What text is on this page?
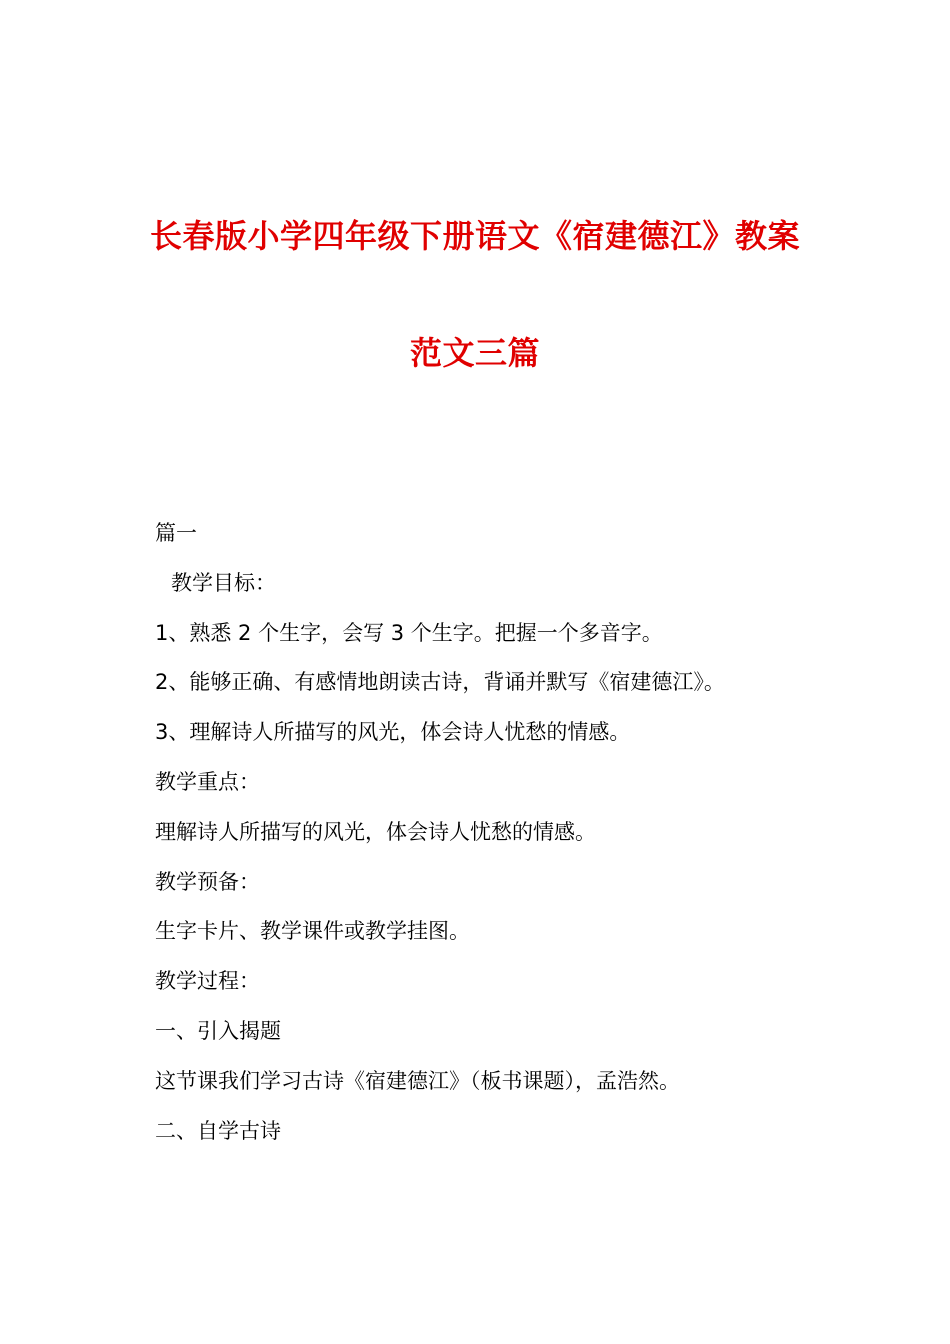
长春版小学四年级下册语文《宿建德江》教案
范文三篇
篇一
教学目标：
1、熟悉 2 个生字，会写 3 个生字。把握一个多音字。
2、能够正确、有感情地朗读古诗，背诵并默写《宿建德江》。
3、理解诗人所描写的风光，体会诗人忧愁的情感。
教学重点：
理解诗人所描写的风光，体会诗人忧愁的情感。
教学预备：
生字卡片、教学课件或教学挂图。
教学过程：
一、引入揭题
这节课我们学习古诗《宿建德江》（板书课题），孟浩然。
二、自学古诗
